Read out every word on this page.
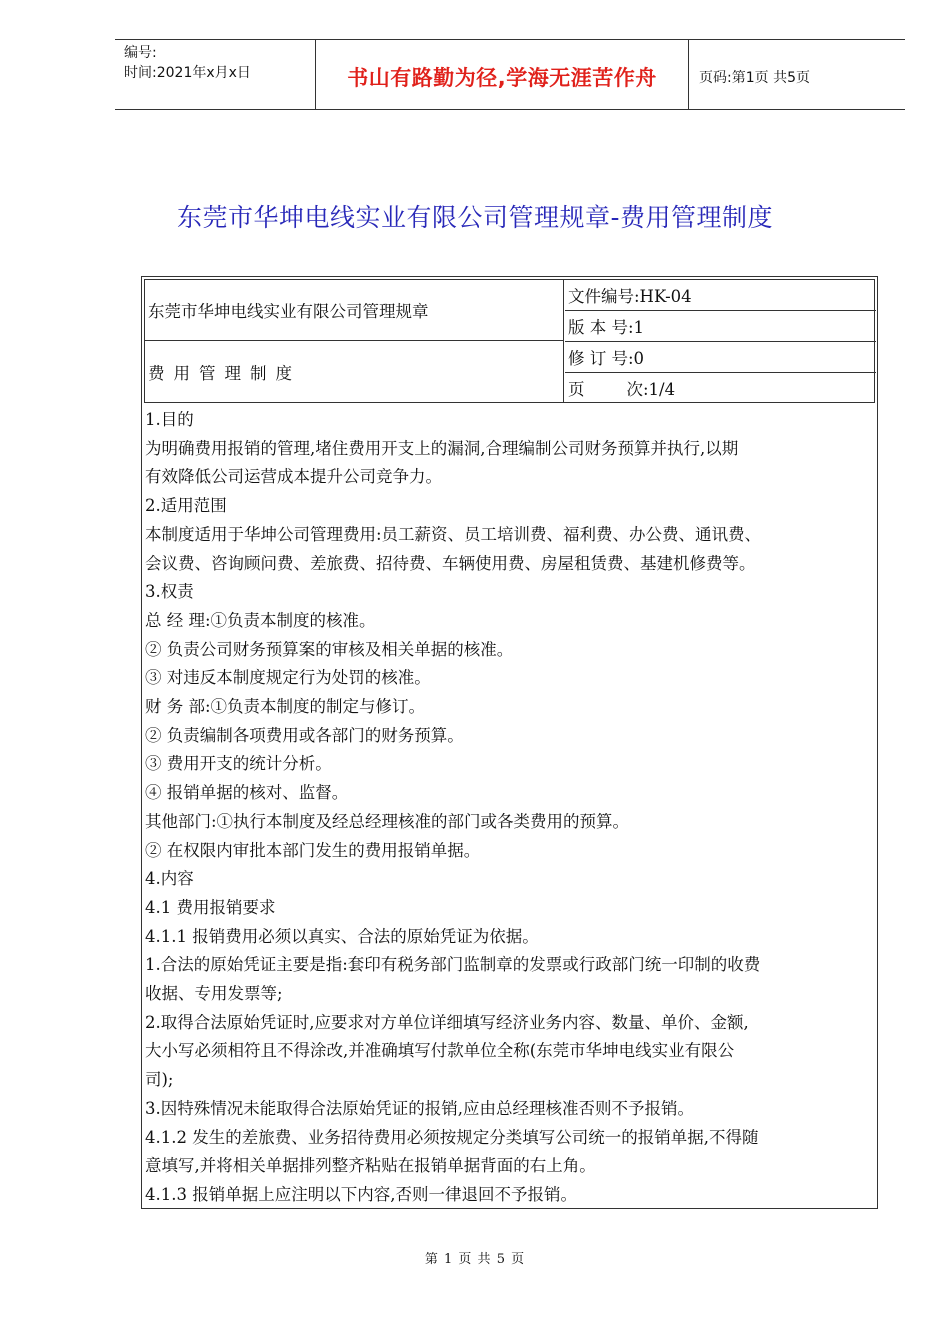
编号:
时间:2021年x月x日	书山有路勤为径,学海无涯苦作舟	页码:第1页 共5页
东莞市华坤电线实业有限公司管理规章-费用管理制度
东莞市华坤电线实业有限公司管理规章
费用管理制度
文件编号:HK-04
版 本 号:1
修 订 号:0
页        次:1/4

1.目的

为明确费用报销的管理,堵住费用开支上的漏洞,合理编制公司财务预算并执行,以期

有效降低公司运营成本提升公司竞争力。

2.适用范围

本制度适用于华坤公司管理费用:员工薪资、员工培训费、福利费、办公费、通讯费、

会议费、咨询顾问费、差旅费、招待费、车辆使用费、房屋租赁费、基建机修费等。

3.权责

总 经 理:①负责本制度的核准。

② 负责公司财务预算案的审核及相关单据的核准。

③ 对违反本制度规定行为处罚的核准。

财 务 部:①负责本制度的制定与修订。

② 负责编制各项费用或各部门的财务预算。

③ 费用开支的统计分析。

④ 报销单据的核对、监督。

其他部门:①执行本制度及经总经理核准的部门或各类费用的预算。

② 在权限内审批本部门发生的费用报销单据。

4.内容

4.1 费用报销要求

4.1.1 报销费用必须以真实、合法的原始凭证为依据。

1.合法的原始凭证主要是指:套印有税务部门监制章的发票或行政部门统一印制的收费

收据、专用发票等;

2.取得合法原始凭证时,应要求对方单位详细填写经济业务内容、数量、单价、金额,

大小写必须相符且不得涂改,并准确填写付款单位全称(东莞市华坤电线实业有限公

司);

3.因特殊情况未能取得合法原始凭证的报销,应由总经理核准否则不予报销。

4.1.2 发生的差旅费、业务招待费用必须按规定分类填写公司统一的报销单据,不得随

意填写,并将相关单据排列整齐粘贴在报销单据背面的右上角。

4.1.3 报销单据上应注明以下内容,否则一律退回不予报销。

第 1 页 共 5 页
